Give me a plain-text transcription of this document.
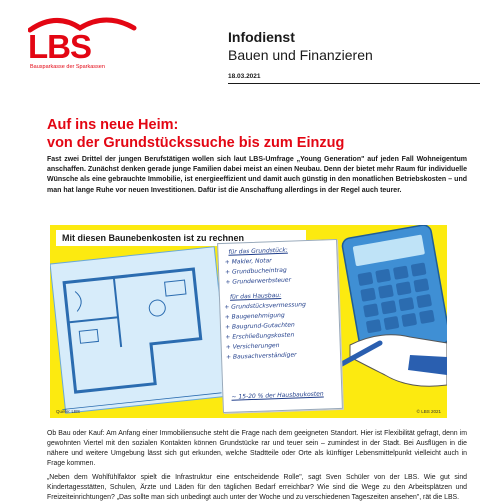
LBS
Bausparkasse der Sparkassen
Infodienst
Bauen und Finanzieren
18.03.2021
Auf ins neue Heim:
von der Grundstückssuche bis zum Einzug
Fast zwei Drittel der jungen Berufstätigen wollen sich laut LBS-Umfrage „Young Generation" auf jeden Fall Wohneigentum anschaffen. Zunächst denken gerade junge Familien dabei meist an einen Neubau. Denn der bietet mehr Raum für individuelle Wünsche als eine gebrauchte Immobilie, ist energieeffizient und damit auch günstig in den monatlichen Betriebskosten – und man hat lange Ruhe vor neuen Investitionen. Dafür ist die Anschaffung allerdings in der Regel auch teurer.
Mit diesen Baunebenkosten ist zu rechnen
für das Grundstück:
+ Makler, Notar
+ Grundbucheintrag
+ Grunderwerbsteuer
für das Hausbau:
+ Grundstücksvermessung
+ Baugenehmigung
+ Baugrund-Gutachten
+ Erschließungskosten
+ Versicherungen
+ Bausachverständiger
~ 15-20 % der Hausbaukosten
Quelle: LBS	© LBS 2021
Ob Bau oder Kauf: Am Anfang einer Immobiliensuche steht die Frage nach dem geeigneten Standort. Hier ist Flexibilität gefragt, denn im gewohnten Viertel mit den sozialen Kontakten können Grundstücke rar und teuer sein – zumindest in der Stadt. Bei Ausflügen in die nähere und weitere Umgebung lässt sich gut erkunden, welche Stadtteile oder Orte als künftiger Lebensmittelpunkt vielleicht auch in Frage kommen.
„Neben dem Wohlfühlfaktor spielt die Infrastruktur eine entscheidende Rolle", sagt Sven Schüler von der LBS. Wie gut sind Kindertagesstätten, Schulen, Ärzte und Läden für den täglichen Bedarf erreichbar? Wie sind die Wege zu den Arbeitsplätzen und Freizeiteinrichtungen? „Das sollte man sich unbedingt auch unter der Woche und zu verschiedenen Tageszeiten ansehen", rät die LBS.
